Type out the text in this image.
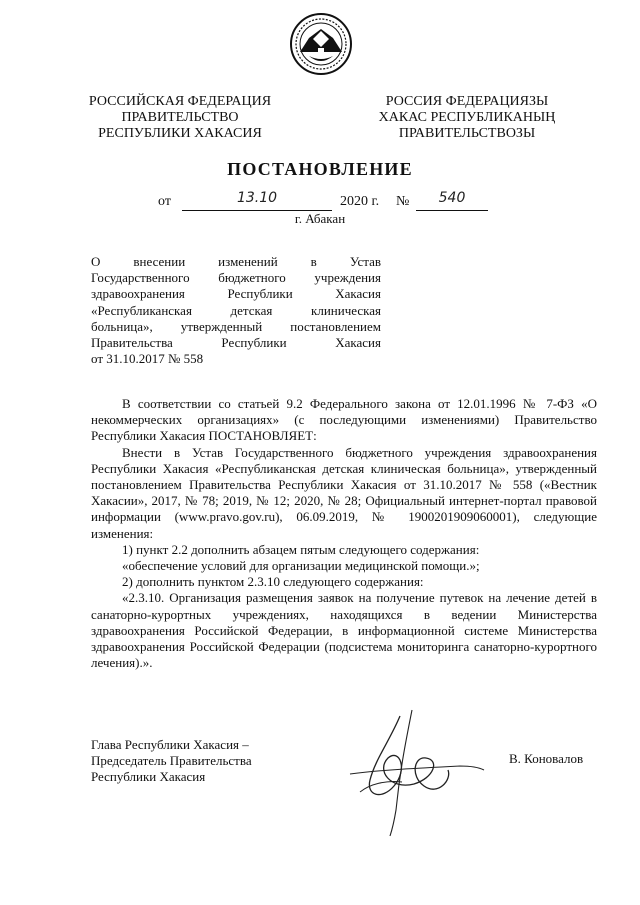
РОССИЙСКАЯ ФЕДЕРАЦИЯ
ПРАВИТЕЛЬСТВО
РЕСПУБЛИКИ ХАКАСИЯ
РОССИЯ ФЕДЕРАЦИЯЗЫ
ХАКАС РЕСПУБЛИКАНЫҢ
ПРАВИТЕЛЬСТВОЗЫ
ПОСТАНОВЛЕНИЕ
от	13.10	2020 г. №	540
г. Абакан
О внесении изменений в Устав
Государственного бюджетного учреждения
здравоохранения Республики Хакасия
«Республиканская детская клиническая
больница», утвержденный постановлением
Правительства Республики Хакасия
от 31.10.2017 № 558

В соответствии со статьей 9.2 Федерального закона от 12.01.1996 № 7-ФЗ «О некоммерческих организациях» (с последующими изменениями) Правительство Республики Хакасия ПОСТАНОВЛЯЕТ:

Внести в Устав Государственного бюджетного учреждения здравоохранения Республики Хакасия «Республиканская детская клиническая больница», утвержденный постановлением Правительства Республики Хакасия от 31.10.2017 № 558 («Вестник Хакасии», 2017, № 78; 2019, № 12; 2020, № 28; Официальный интернет-портал правовой информации (www.pravo.gov.ru), 06.09.2019, № 1900201909060001), следующие изменения:

1) пункт 2.2 дополнить абзацем пятым следующего содержания:

«обеспечение условий для организации медицинской помощи.»;

2) дополнить пунктом 2.3.10 следующего содержания:

«2.3.10. Организация размещения заявок на получение путевок на лечение детей в санаторно-курортных учреждениях, находящихся в ведении Министерства здравоохранения Российской Федерации, в информационной системе Министерства здравоохранения Российской Федерации (подсистема мониторинга санаторно-курортного лечения).».

Глава Республики Хакасия –
Председатель Правительства
Республики Хакасия
В. Коновалов
